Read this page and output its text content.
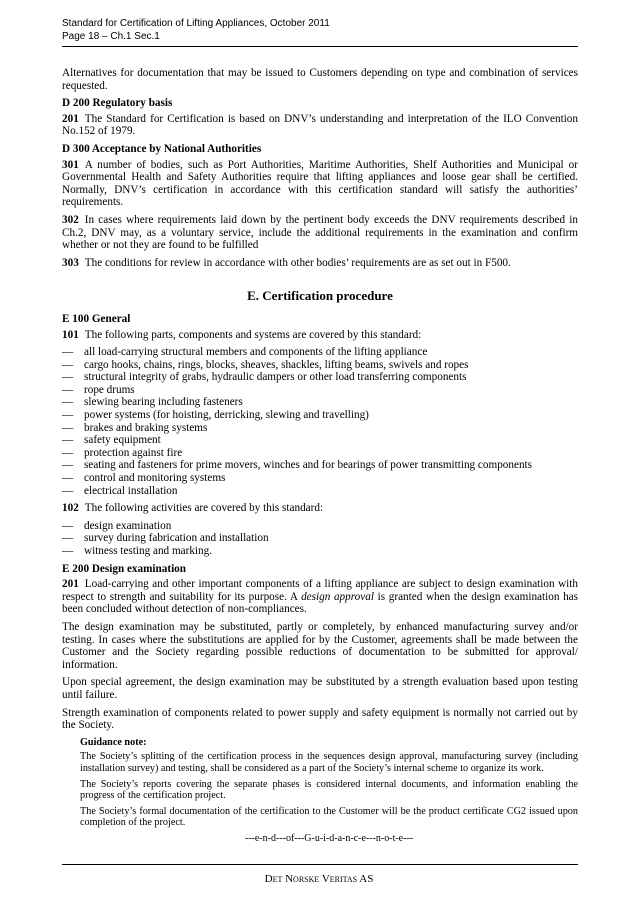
Standard for Certification of Lifting Appliances, October 2011
Page 18 – Ch.1 Sec.1

Alternatives for documentation that may be issued to Customers depending on type and combination of services requested.

D 200 Regulatory basis

201 The Standard for Certification is based on DNV’s understanding and interpretation of the ILO Convention No.152 of 1979.

D 300 Acceptance by National Authorities

301 A number of bodies, such as Port Authorities, Maritime Authorities, Shelf Authorities and Municipal or Governmental Health and Safety Authorities require that lifting appliances and loose gear shall be certified. Normally, DNV’s certification in accordance with this certification standard will satisfy the authorities’ requirements.

302 In cases where requirements laid down by the pertinent body exceeds the DNV requirements described in Ch.2, DNV may, as a voluntary service, include the additional requirements in the examination and confirm whether or not they are found to be fulfilled

303 The conditions for review in accordance with other bodies’ requirements are as set out in F500.

E. Certification procedure
E 100 General

101 The following parts, components and systems are covered by this standard:

— all load-carrying structural members and components of the lifting appliance
— cargo hooks, chains, rings, blocks, sheaves, shackles, lifting beams, swivels and ropes
— structural integrity of grabs, hydraulic dampers or other load transferring components
— rope drums
— slewing bearing including fasteners
— power systems (for hoisting, derricking, slewing and travelling)
— brakes and braking systems
— safety equipment
— protection against fire
— seating and fasteners for prime movers, winches and for bearings of power transmitting components
— control and monitoring systems
— electrical installation

102 The following activities are covered by this standard:

— design examination
— survey during fabrication and installation
— witness testing and marking.
E 200 Design examination

201 Load-carrying and other important components of a lifting appliance are subject to design examination with respect to strength and suitability for its purpose. A design approval is granted when the design examination has been concluded without detection of non-compliances.

The design examination may be substituted, partly or completely, by enhanced manufacturing survey and/or testing. In cases where the substitutions are applied for by the Customer, agreements shall be made between the Customer and the Society regarding possible reductions of documentation to be submitted for approval/ information.

Upon special agreement, the design examination may be substituted by a strength evaluation based upon testing until failure.

Strength examination of components related to power supply and safety equipment is normally not carried out by the Society.

Guidance note:

The Society’s splitting of the certification process in the sequences design approval, manufacturing survey (including installation survey) and testing, shall be considered as a part of the Society’s internal scheme to organize its work.

The Society’s reports covering the separate phases is considered internal documents, and information enabling the progress of the certification project.

The Society’s formal documentation of the certification to the Customer will be the product certificate CG2 issued upon completion of the project.

---e-n-d---of---G-u-i-d-a-n-c-e---n-o-t-e---
Det Norske Veritas AS
